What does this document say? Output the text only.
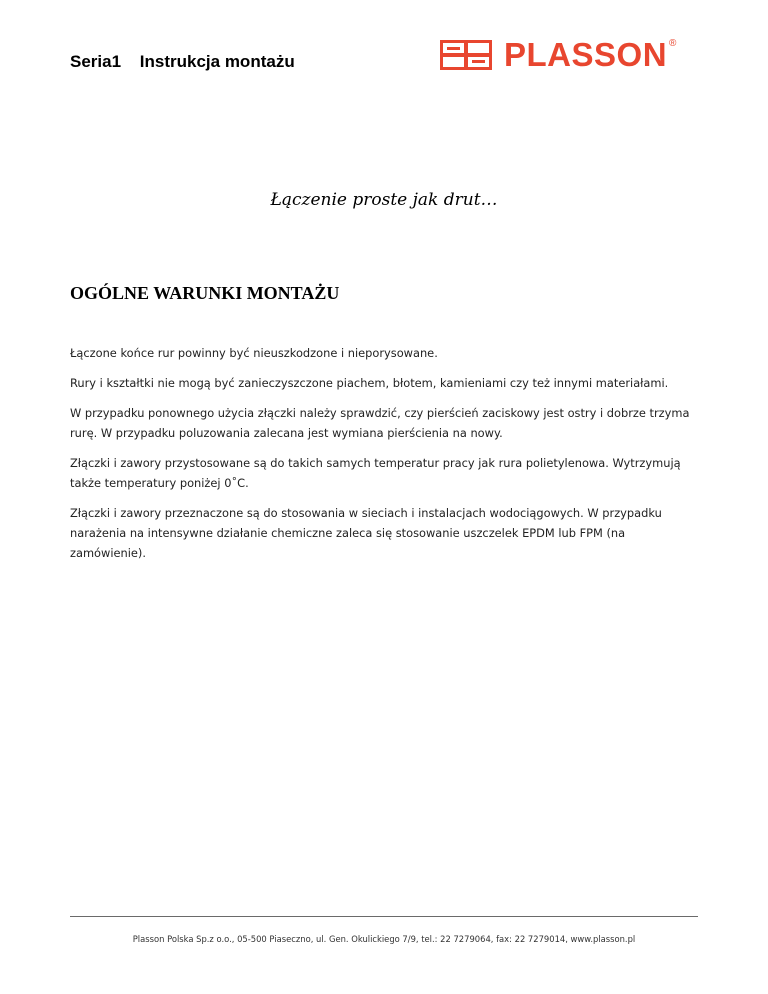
Seria1 Instrukcja montażu	PLASSON ®
Łączenie proste jak drut…
OGÓLNE WARUNKI MONTAŻU

Łączone końce rur powinny być nieuszkodzone i nieporysowane.

Rury i kształtki nie mogą być zanieczyszczone piachem, błotem, kamieniami czy też innymi materiałami.

W przypadku ponownego użycia złączki należy sprawdzić, czy pierścień zaciskowy jest ostry i dobrze trzyma rurę. W przypadku poluzowania zalecana jest wymiana pierścienia na nowy.

Złączki i zawory przystosowane są do takich samych temperatur pracy jak rura polietylenowa. Wytrzymują także temperatury poniżej 0˚C.

Złączki i zawory przeznaczone są do stosowania w sieciach i instalacjach wodociągowych. W przypadku narażenia na intensywne działanie chemiczne zaleca się stosowanie uszczelek EPDM lub FPM (na zamówienie).

Plasson Polska Sp.z o.o., 05-500 Piaseczno, ul. Gen. Okulickiego 7/9, tel.: 22 7279064, fax: 22 7279014, www.plasson.pl
